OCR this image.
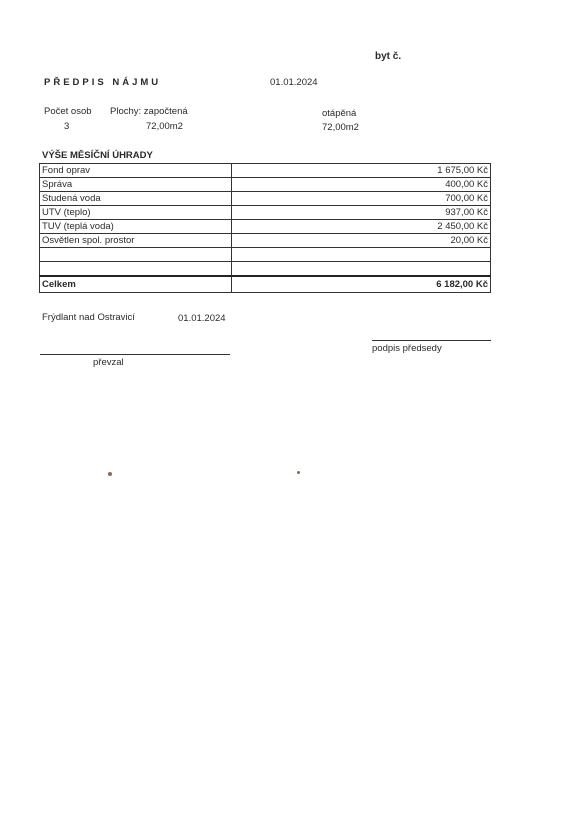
byt č.
PŘEDPIS NÁJMU	01.01.2024
Počet osob
3
Plochy: započtená
72,00m2
otápěná
72,00m2
VÝŠE MĚSÍČNÍ ÚHRADY
Fond oprav	1 675,00 Kč
Správa	400,00 Kč
Studená voda	700,00 Kč
UTV (teplo)	937,00 Kč
TUV (teplá voda)	2 450,00 Kč
Osvětlen spol. prostor	20,00 Kč

Celkem	6 182,00 Kč
Frýdlant nad Ostravicí	01.01.2024
podpis předsedy
převzal
